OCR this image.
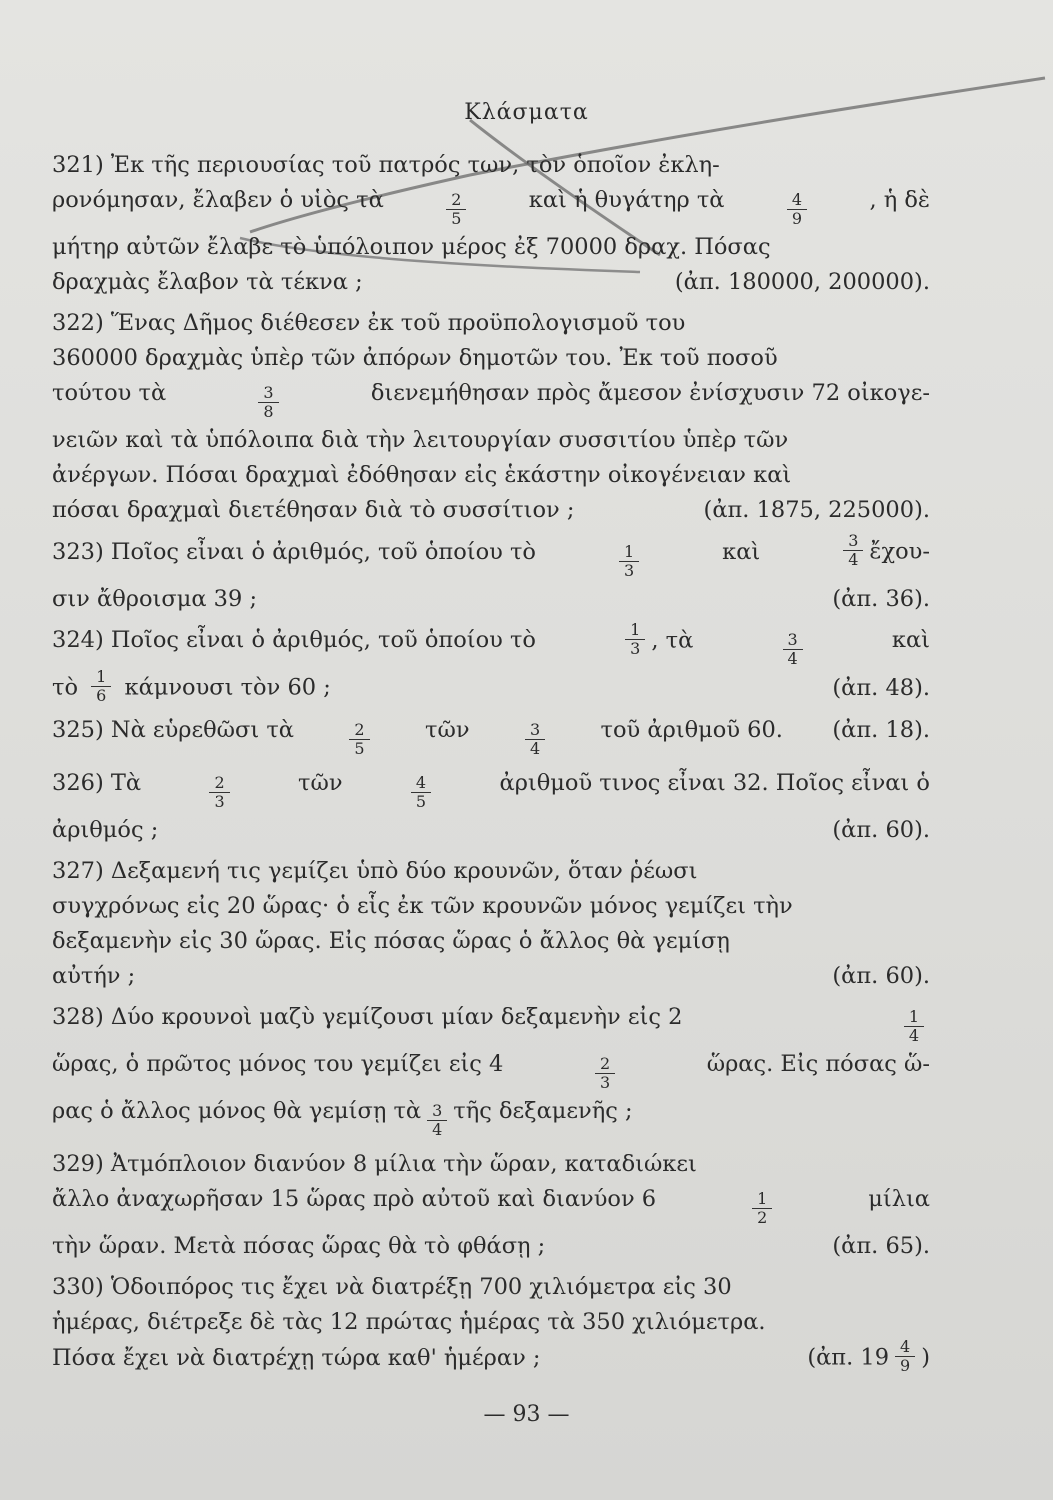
Κλάσματα
321) Ἐκ τῆς περιουσίας τοῦ πατρός των, τὸν ὁποῖον ἐκλη-
ρονόμησαν, ἔλαβεν ὁ υἱὸς τὰ	$\frac{2}{5}$	καὶ ἡ θυγάτηρ τὰ	$\frac{4}{9}$	, ἡ δὲ
μήτηρ αὐτῶν ἔλαβε τὸ ὑπόλοιπον μέρος ἐξ 70000 δραχ. Πόσας
δραχμὰς ἔλαβον τὰ τέκνα ;	(ἀπ. 180000, 200000).
322) Ἕνας Δῆμος διέθεσεν ἐκ τοῦ προϋπολογισμοῦ του
360000 δραχμὰς ὑπὲρ τῶν ἀπόρων δημοτῶν του. Ἐκ τοῦ ποσοῦ
τούτου τὰ	$\frac{3}{8}$	διενεμήθησαν πρὸς ἄμεσον ἐνίσχυσιν 72 οἰκογε-
νειῶν καὶ τὰ ὑπόλοιπα διὰ τὴν λειτουργίαν συσσιτίου ὑπὲρ τῶν
ἀνέργων. Πόσαι δραχμαὶ ἐδόθησαν εἰς ἑκάστην οἰκογένειαν καὶ
πόσαι δραχμαὶ διετέθησαν διὰ τὸ συσσίτιον ;	(ἀπ. 1875, 225000).
323) Ποῖος εἶναι ὁ ἀριθμός, τοῦ ὁποίου τὸ	$\frac{1}{3}$	καὶ	$\frac{3}{4}$ ἔχου-
σιν ἄθροισμα 39 ;	(ἀπ. 36).
324) Ποῖος εἶναι ὁ ἀριθμός, τοῦ ὁποίου τὸ	$\frac{1}{3}$ , τὰ	$\frac{3}{4}$	καὶ
τὸ $\frac{1}{6}$ κάμνουσι τὸν 60 ;	(ἀπ. 48).
325) Νὰ εὑρεθῶσι τὰ	$\frac{2}{5}$ τῶν	$\frac{3}{4}$ τοῦ ἀριθμοῦ 60. (ἀπ. 18).
326) Τὰ	$\frac{2}{3}$	τῶν	$\frac{4}{5}$	ἀριθμοῦ τινος εἶναι 32. Ποῖος εἶναι ὁ
ἀριθμός ;	(ἀπ. 60).
327) Δεξαμενή τις γεμίζει ὑπὸ δύο κρουνῶν, ὅταν ῥέωσι
συγχρόνως εἰς 20 ὥρας· ὁ εἷς ἐκ τῶν κρουνῶν μόνος γεμίζει τὴν
δεξαμενὴν εἰς 30 ὥρας. Εἰς πόσας ὥρας ὁ ἄλλος θὰ γεμίσῃ
αὐτήν ;	(ἀπ. 60).
328) Δύο κρουνοὶ μαζὺ γεμίζουσι μίαν δεξαμενὴν εἰς 2	$\frac{1}{4}$
ὥρας, ὁ πρῶτος μόνος του γεμίζει εἰς 4	$\frac{2}{3}$	ὥρας. Εἰς πόσας ὥ-
ρας ὁ ἄλλος μόνος θὰ γεμίσῃ τὰ $\frac{3}{4}$ τῆς δεξαμενῆς ;
329) Ἀτμόπλοιον διανύον 8 μίλια τὴν ὥραν, καταδιώκει
ἄλλο ἀναχωρῆσαν 15 ὥρας πρὸ αὐτοῦ καὶ διανύον 6	$\frac{1}{2}$	μίλια
τὴν ὥραν. Μετὰ πόσας ὥρας θὰ τὸ φθάσῃ ;	(ἀπ. 65).
330) Ὁδοιπόρος τις ἔχει νὰ διατρέξῃ 700 χιλιόμετρα εἰς 30
ἡμέρας, διέτρεξε δὲ τὰς 12 πρώτας ἡμέρας τὰ 350 χιλιόμετρα.
Πόσα ἔχει νὰ διατρέχῃ τώρα καθ' ἡμέραν ;	(ἀπ. $19 \frac{4}{9}$ )
— 93 —
